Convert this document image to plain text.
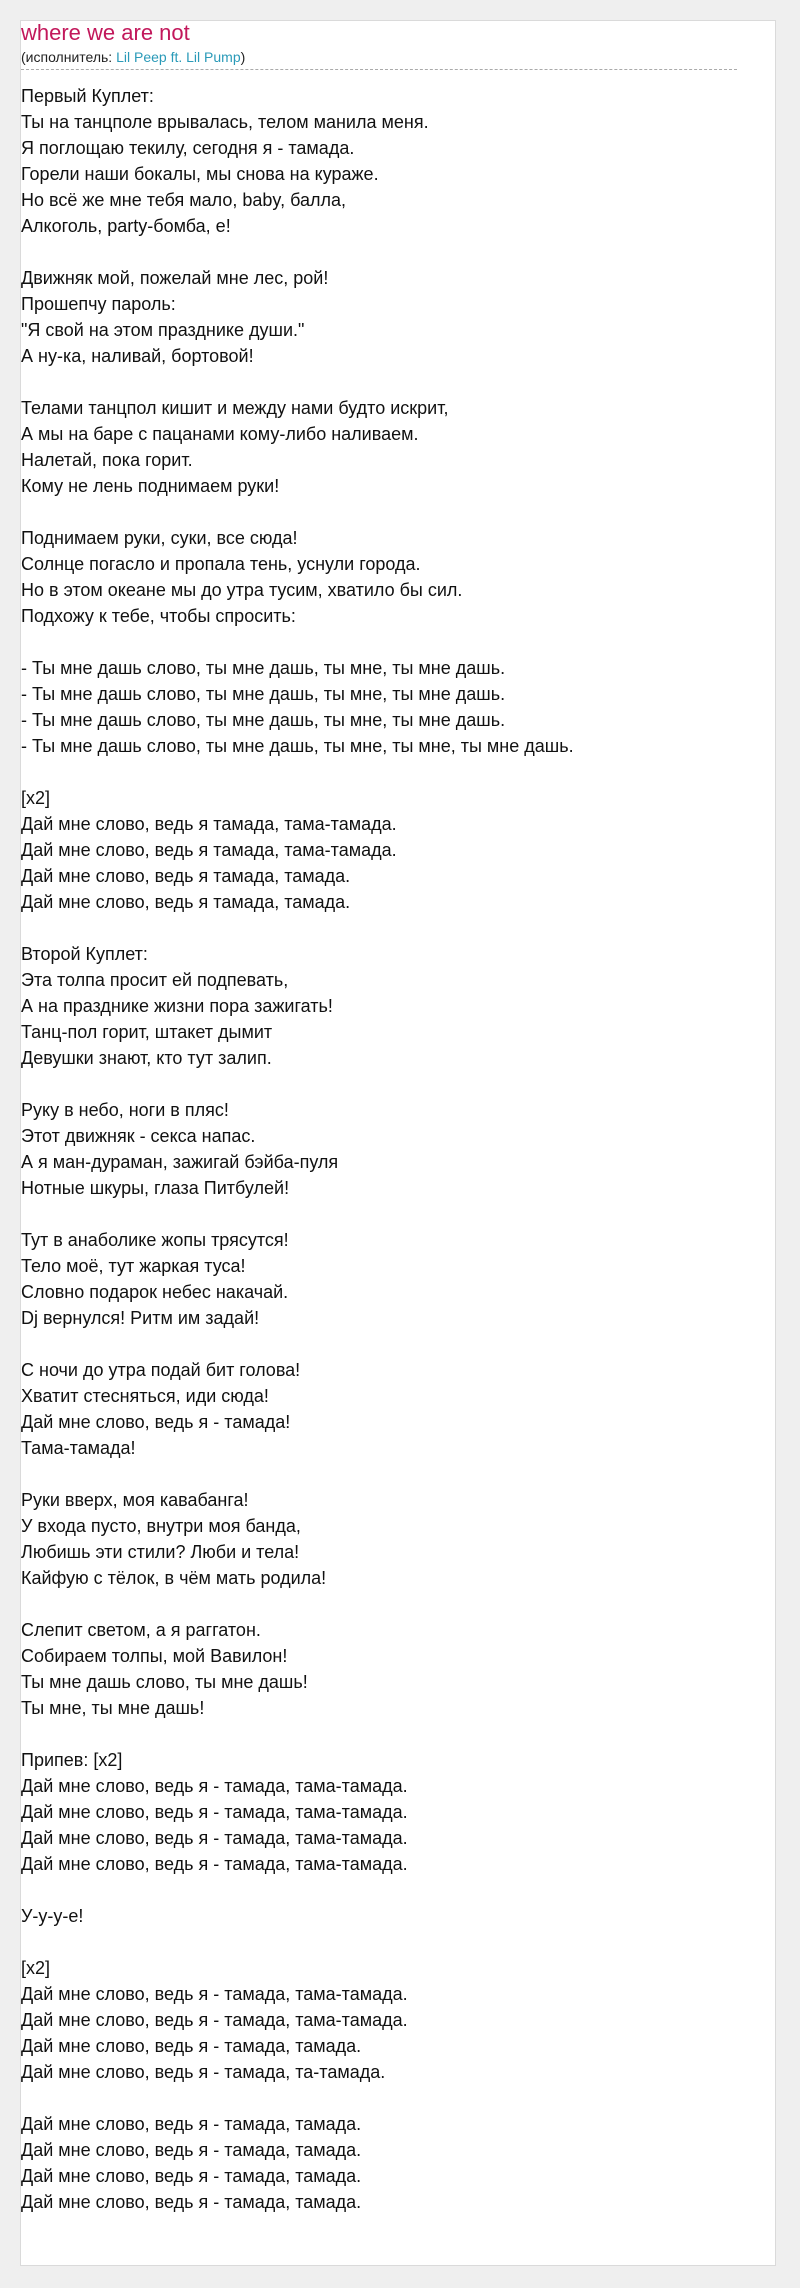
where we are not
(исполнитель: Lil Peep ft. Lil Pump)
Первый Куплет:
Ты на танцполе врывалась, телом манила меня.
Я поглощаю текилу, сегодня я - тамада.
Горели наши бокалы, мы снова на кураже.
Но всё же мне тебя мало, baby, балла,
Алкоголь, party-бомба, е!
Движняк мой, пожелай мне лес, рой!
Прошепчу пароль:
"Я свой на этом празднике души."
А ну-ка, наливай, бортовой!
Телами танцпол кишит и между нами будто искрит,
А мы на баре с пацанами кому-либо наливаем.
Налетай, пока горит.
Кому не лень поднимаем руки!
Поднимаем руки, суки, все сюда!
Солнце погасло и пропала тень, уснули города.
Но в этом океане мы до утра тусим, хватило бы сил.
Подхожу к тебе, чтобы спросить:
- Ты мне дашь слово, ты мне дашь, ты мне, ты мне дашь.
- Ты мне дашь слово, ты мне дашь, ты мне, ты мне дашь.
- Ты мне дашь слово, ты мне дашь, ты мне, ты мне дашь.
- Ты мне дашь слово, ты мне дашь, ты мне, ты мне, ты мне дашь.
[x2]
Дай мне слово, ведь я тамада, тама-тамада.
Дай мне слово, ведь я тамада, тама-тамада.
Дай мне слово, ведь я тамада, тамада.
Дай мне слово, ведь я тамада, тамада.
Второй Куплет:
Эта толпа просит ей подпевать,
А на празднике жизни пора зажигать!
Танц-пол горит, штакет дымит
Девушки знают, кто тут залип.
Руку в небо, ноги в пляс!
Этот движняк - секса напас.
А я ман-дураман, зажигай бэйба-пуля
Нотные шкуры, глаза Питбулей!
Тут в анаболике жопы трясутся!
Тело моё, тут жаркая туса!
Словно подарок небес накачай.
Dj вернулся! Ритм им задай!
С ночи до утра подай бит голова!
Хватит стесняться, иди сюда!
Дай мне слово, ведь я - тамада!
Тама-тамада!
Руки вверх, моя кавабанга!
У входа пусто, внутри моя банда,
Любишь эти стили? Люби и тела!
Кайфую с тёлок, в чём мать родила!
Слепит светом, а я раггатон.
Собираем толпы, мой Вавилон!
Ты мне дашь слово, ты мне дашь!
Ты мне, ты мне дашь!
Припев: [x2]
Дай мне слово, ведь я - тамада, тама-тамада.
Дай мне слово, ведь я - тамада, тама-тамада.
Дай мне слово, ведь я - тамада, тама-тамада.
Дай мне слово, ведь я - тамада, тама-тамада.
У-у-у-е!
[x2]
Дай мне слово, ведь я - тамада, тама-тамада.
Дай мне слово, ведь я - тамада, тама-тамада.
Дай мне слово, ведь я - тамада, тамада.
Дай мне слово, ведь я - тамада, та-тамада.
Дай мне слово, ведь я - тамада, тамада.
Дай мне слово, ведь я - тамада, тамада.
Дай мне слово, ведь я - тамада, тамада.
Дай мне слово, ведь я - тамада, тамада.
